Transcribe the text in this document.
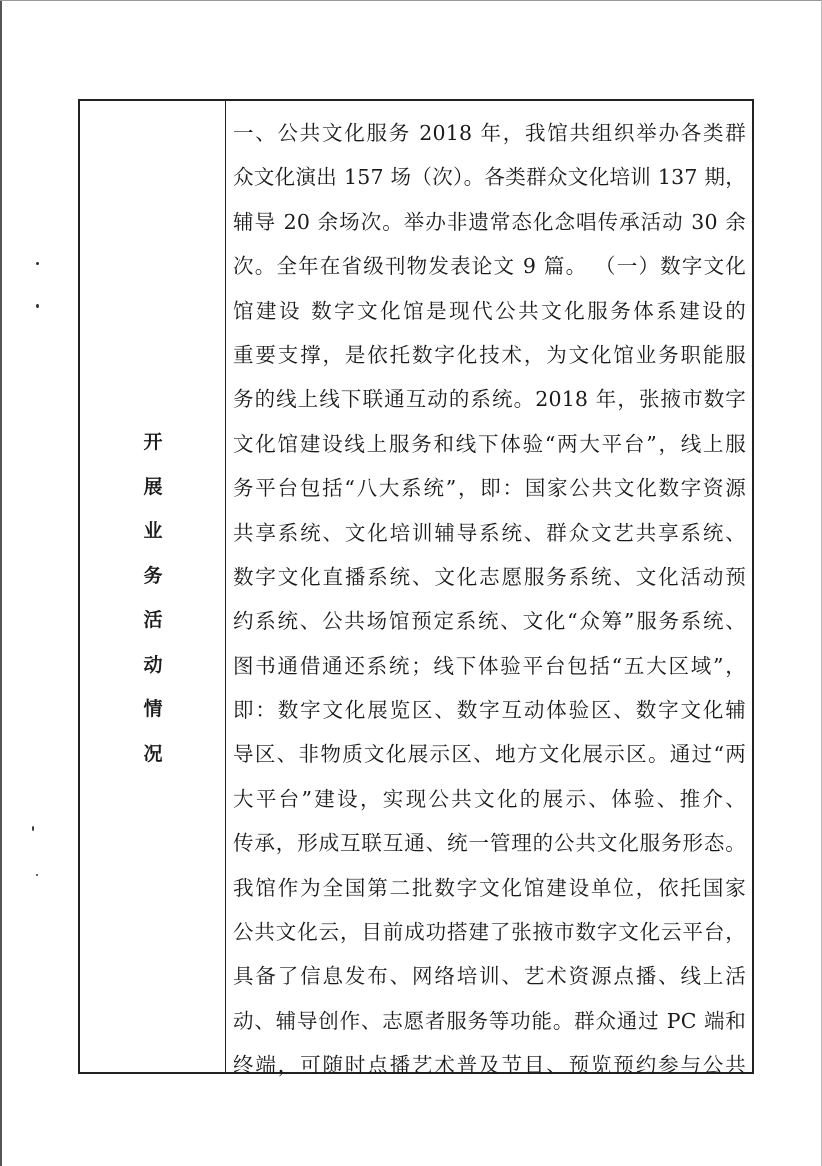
开
展
业
务
活
动
情
况
一、公共文化服务 2018 年，我馆共组织举办各类群
众文化演出 157 场（次）。各类群众文化培训 137 期，
辅导 20 余场次。举办非遗常态化念唱传承活动 30 余
次。全年在省级刊物发表论文 9 篇。 （一）数字文化
馆建设 数字文化馆是现代公共文化服务体系建设的
重要支撑，是依托数字化技术，为文化馆业务职能服
务的线上线下联通互动的系统。2018 年，张掖市数字
文化馆建设线上服务和线下体验“两大平台”，线上服
务平台包括“八大系统”，即：国家公共文化数字资源
共享系统、文化培训辅导系统、群众文艺共享系统、
数字文化直播系统、文化志愿服务系统、文化活动预
约系统、公共场馆预定系统、文化“众筹”服务系统、
图书通借通还系统；线下体验平台包括“五大区域”，
即：数字文化展览区、数字互动体验区、数字文化辅
导区、非物质文化展示区、地方文化展示区。通过“两
大平台”建设，实现公共文化的展示、体验、推介、
传承，形成互联互通、统一管理的公共文化服务形态。
我馆作为全国第二批数字文化馆建设单位，依托国家
公共文化云，目前成功搭建了张掖市数字文化云平台，
具备了信息发布、网络培训、艺术资源点播、线上活
动、辅导创作、志愿者服务等功能。群众通过 PC 端和
终端，可随时点播艺术普及节目、预览预约参与公共
